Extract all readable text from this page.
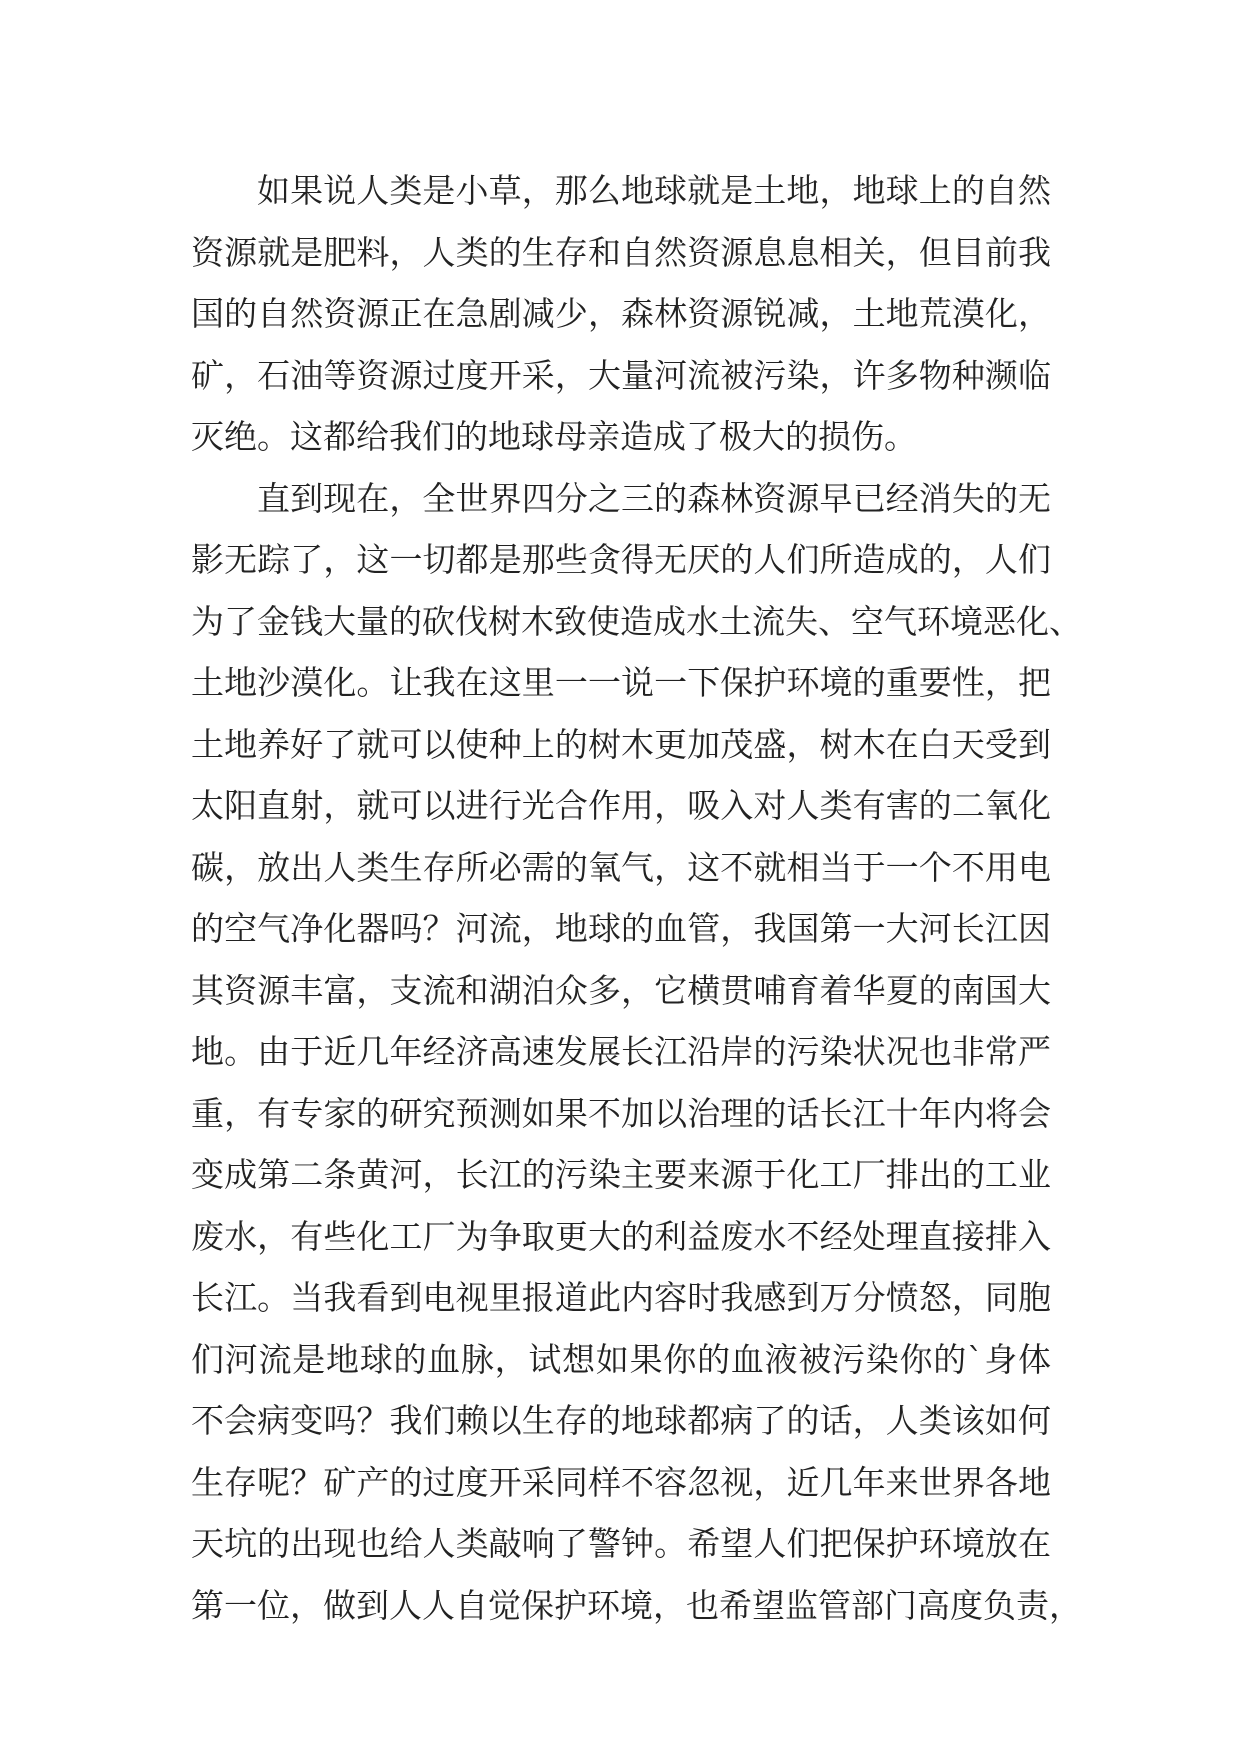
如果说人类是小草，那么地球就是土地，地球上的自然
资源就是肥料，人类的生存和自然资源息息相关，但目前我
国的自然资源正在急剧减少，森林资源锐减，土地荒漠化，
矿，石油等资源过度开采，大量河流被污染，许多物种濒临
灭绝。这都给我们的地球母亲造成了极大的损伤。
直到现在，全世界四分之三的森林资源早已经消失的无
影无踪了，这一切都是那些贪得无厌的人们所造成的，人们
为了金钱大量的砍伐树木致使造成水土流失、空气环境恶化、
土地沙漠化。让我在这里一一说一下保护环境的重要性，把
土地养好了就可以使种上的树木更加茂盛，树木在白天受到
太阳直射，就可以进行光合作用，吸入对人类有害的二氧化
碳，放出人类生存所必需的氧气，这不就相当于一个不用电
的空气净化器吗？河流，地球的血管，我国第一大河长江因
其资源丰富，支流和湖泊众多，它横贯哺育着华夏的南国大
地。由于近几年经济高速发展长江沿岸的污染状况也非常严
重，有专家的研究预测如果不加以治理的话长江十年内将会
变成第二条黄河，长江的污染主要来源于化工厂排出的工业
废水，有些化工厂为争取更大的利益废水不经处理直接排入
长江。当我看到电视里报道此内容时我感到万分愤怒，同胞
们河流是地球的血脉，试想如果你的血液被污染你的`身体
不会病变吗？我们赖以生存的地球都病了的话，人类该如何
生存呢？矿产的过度开采同样不容忽视，近几年来世界各地
天坑的出现也给人类敲响了警钟。希望人们把保护环境放在
第一位，做到人人自觉保护环境，也希望监管部门高度负责，
